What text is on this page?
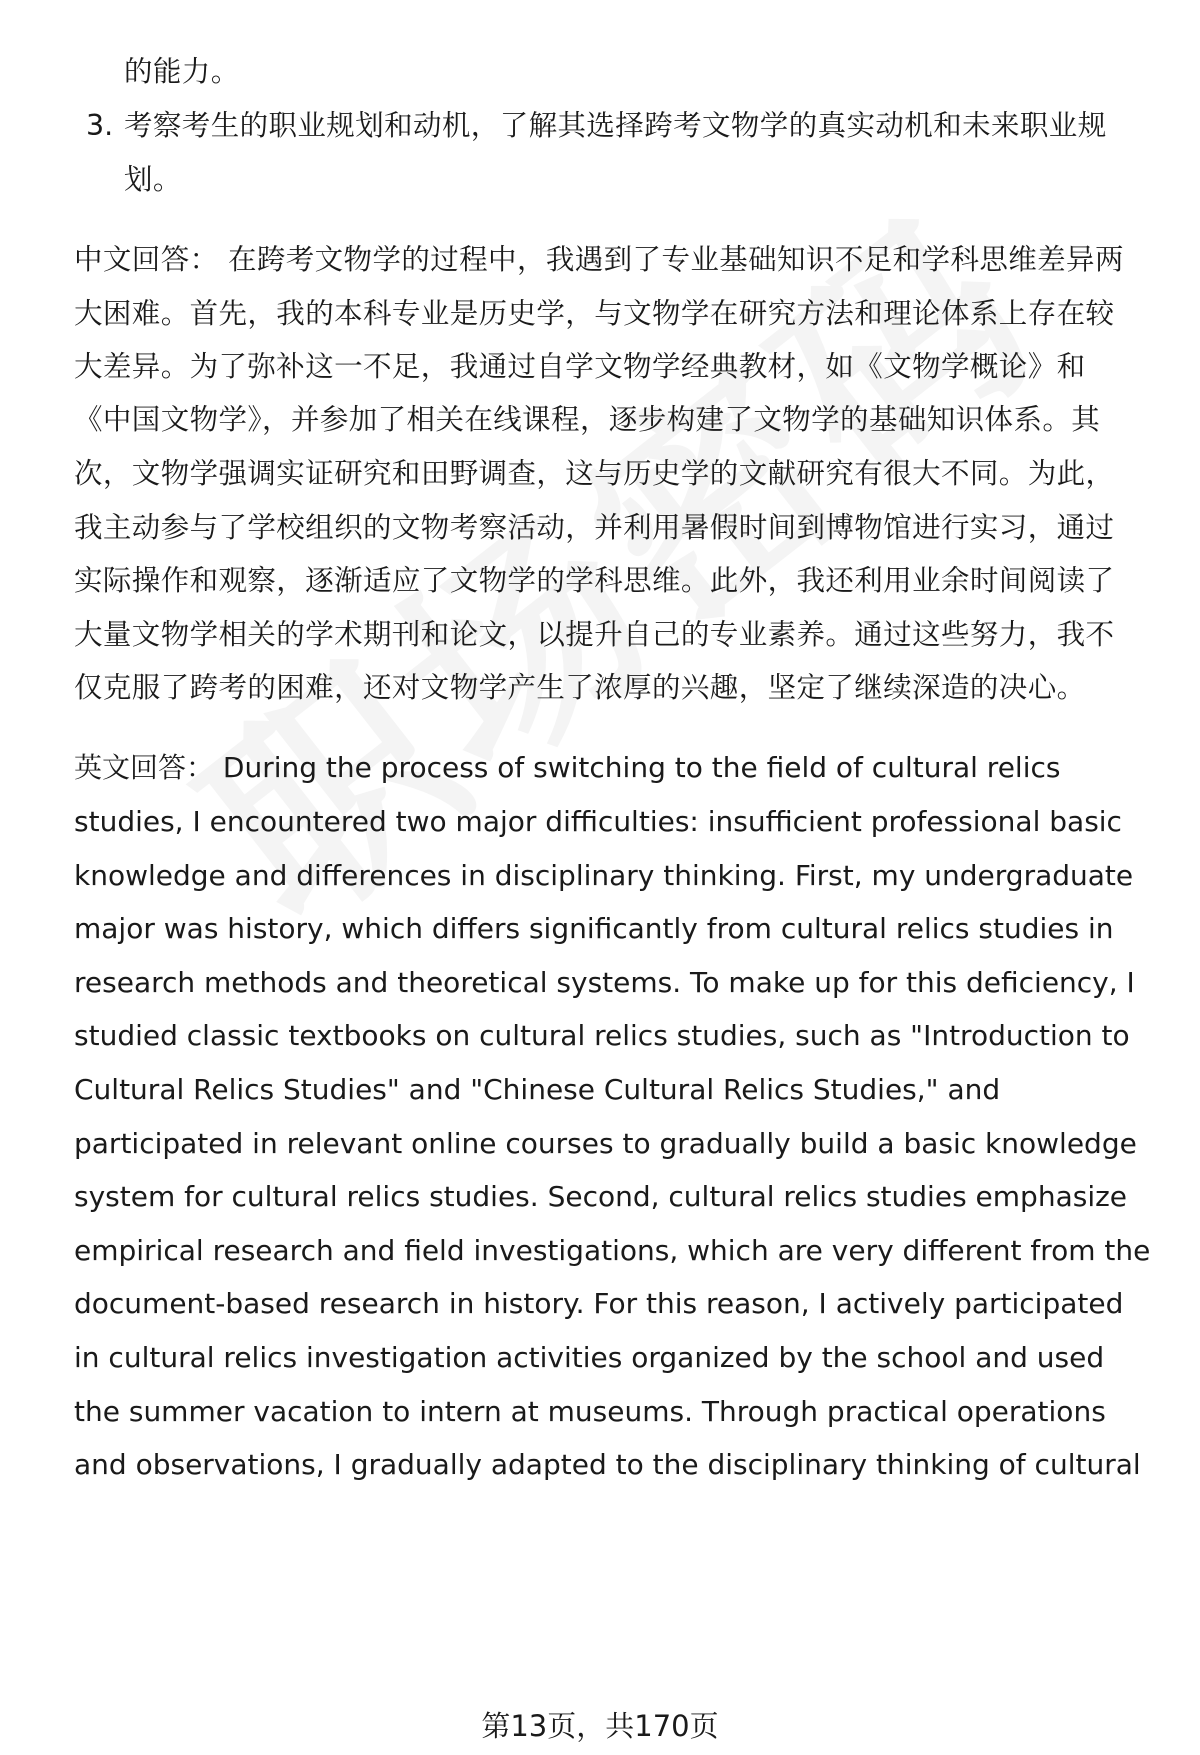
的能力。
3. 考察考生的职业规划和动机，了解其选择跨考文物学的真实动机和未来职业规
划。
中文回答： 在跨考文物学的过程中，我遇到了专业基础知识不足和学科思维差异两
大困难。首先，我的本科专业是历史学，与文物学在研究方法和理论体系上存在较
大差异。为了弥补这一不足，我通过自学文物学经典教材，如《文物学概论》和
《中国文物学》，并参加了相关在线课程，逐步构建了文物学的基础知识体系。其
次，文物学强调实证研究和田野调查，这与历史学的文献研究有很大不同。为此，
我主动参与了学校组织的文物考察活动，并利用暑假时间到博物馆进行实习，通过
实际操作和观察，逐渐适应了文物学的学科思维。此外，我还利用业余时间阅读了
大量文物学相关的学术期刊和论文，以提升自己的专业素养。通过这些努力，我不
仅克服了跨考的困难，还对文物学产生了浓厚的兴趣，坚定了继续深造的决心。
英文回答： During the process of switching to the field of cultural relics
studies, I encountered two major difficulties: insufficient professional basic
knowledge and differences in disciplinary thinking. First, my undergraduate
major was history, which differs significantly from cultural relics studies in
research methods and theoretical systems. To make up for this deficiency, I
studied classic textbooks on cultural relics studies, such as "Introduction to
Cultural Relics Studies" and "Chinese Cultural Relics Studies," and
participated in relevant online courses to gradually build a basic knowledge
system for cultural relics studies. Second, cultural relics studies emphasize
empirical research and field investigations, which are very different from the
document-based research in history. For this reason, I actively participated
in cultural relics investigation activities organized by the school and used
the summer vacation to intern at museums. Through practical operations
and observations, I gradually adapted to the disciplinary thinking of cultural
第13页，共170页
